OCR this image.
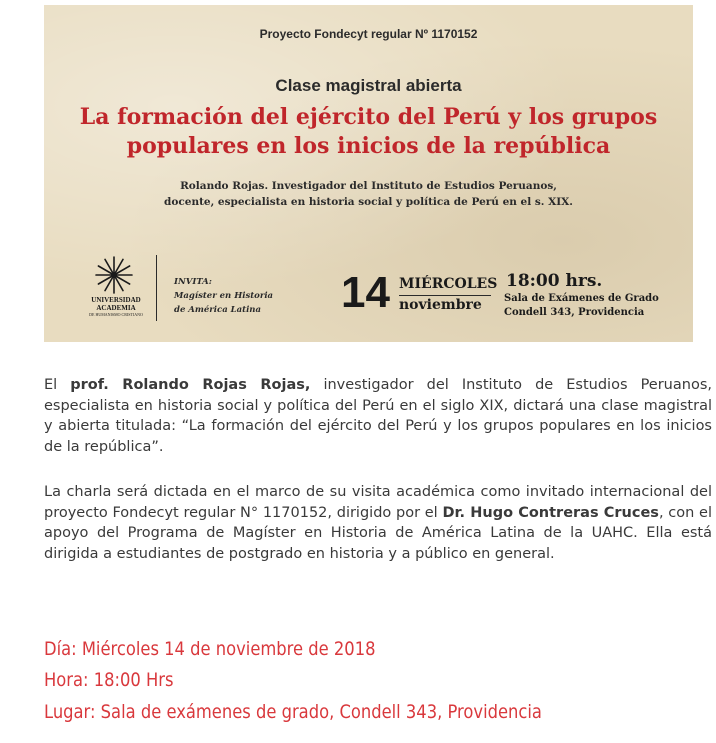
Proyecto Fondecyt regular Nº 1170152
Clase magistral abierta
La formación del ejército del Perú y los grupos
populares en los inicios de la república
Rolando Rojas. Investigador del Instituto de Estudios Peruanos,
docente, especialista en historia social y política de Perú en el s. XIX.
UNIVERSIDAD
ACADEMIA
DE HUMANISMO CRISTIANO
INVITA:
Magíster en Historia
de América Latina 14 MIÉRCOLES
noviembre
18:00 hrs.
Sala de Exámenes de Grado
Condell 343, Providencia

El prof. Rolando Rojas Rojas, investigador del Instituto de Estudios Peruanos, especialista en historia social y política del Perú en el siglo XIX, dictará una clase magistral y abierta titulada: “La formación del ejército del Perú y los grupos populares en los inicios de la república”.

La charla será dictada en el marco de su visita académica como invitado internacional del proyecto Fondecyt regular N° 1170152, dirigido por el Dr. Hugo Contreras Cruces, con el apoyo del Programa de Magíster en Historia de América Latina de la UAHC. Ella está dirigida a estudiantes de postgrado en historia y a público en general.

Día: Miércoles 14 de noviembre de 2018
Hora: 18:00 Hrs
Lugar: Sala de exámenes de grado, Condell 343, Providencia
